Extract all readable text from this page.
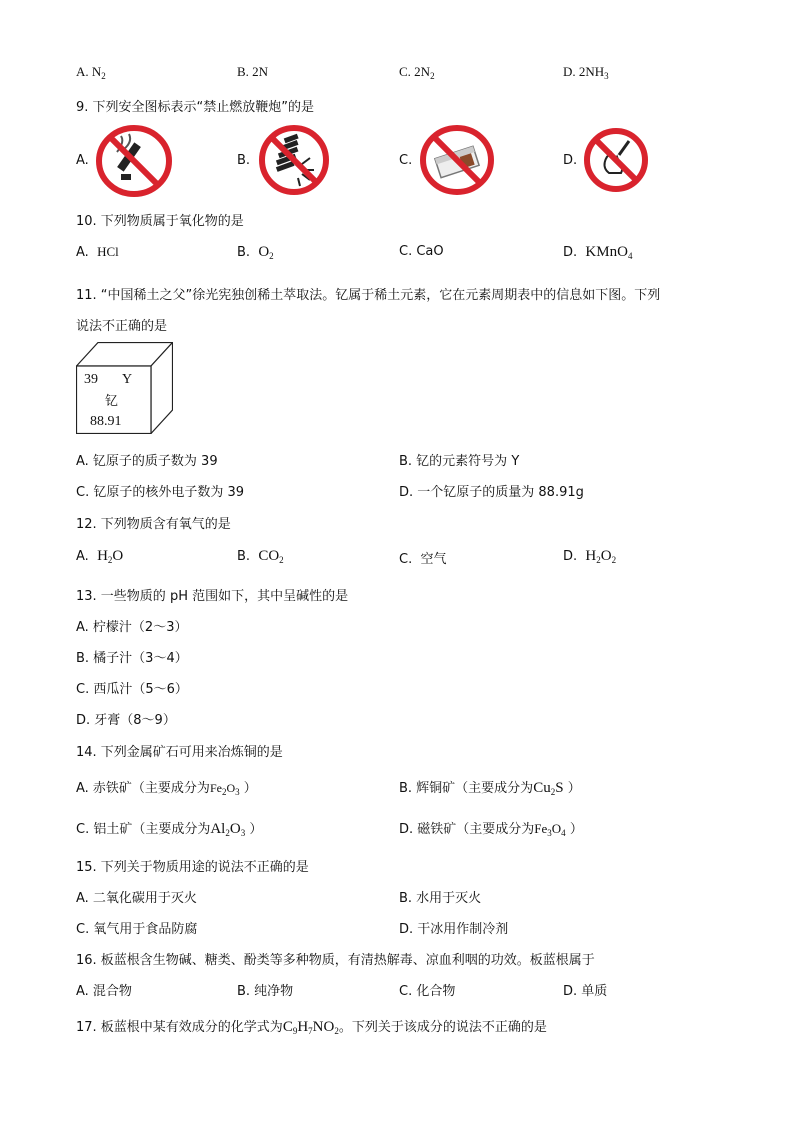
A. $N_2$	B. 2N	C. $2N_2$	D. $2NH_3$
9. 下列安全图标表示“禁止燃放鞭炮”的是
A.	B.	C.	D.
10. 下列物质属于氧化物的是
A. HCl	B. $O_2$	C. CaO	D. KMnO$_4$
11. “中国稀土之父”徐光宪独创稀土萃取法。钇属于稀土元素，它在元素周期表中的信息如下图。下列
说法不正确的是
39 Y
钇
88.91
A. 钇原子的质子数为 39	B. 钇的元素符号为 Y
C. 钇原子的核外电子数为 39	D. 一个钇原子的质量为 88.91g
12. 下列物质含有氧气的是
A. $H_2O$	B. $CO_2$	C. 空气	D. $H_2O_2$
13. 一些物质的 pH 范围如下，其中呈碱性的是
A. 柠檬汁（2～3）
B. 橘子汁（3～4）
C. 西瓜汁（5～6）
D. 牙膏（8～9）
14. 下列金属矿石可用来冶炼铜的是
A. 赤铁矿（主要成分为$Fe_2O_3$ ）	B. 辉铜矿（主要成分为$Cu_2S$ ）
C. 铝土矿（主要成分为$Al_2O_3$ ）	D. 磁铁矿（主要成分为$Fe_3O_4$ ）
15. 下列关于物质用途的说法不正确的是
A. 二氧化碳用于灭火	B. 水用于灭火
C. 氧气用于食品防腐	D. 干冰用作制冷剂
16. 板蓝根含生物碱、糖类、酚类等多种物质，有清热解毒、凉血利咽的功效。板蓝根属于
A. 混合物	B. 纯净物	C. 化合物	D. 单质
17. 板蓝根中某有效成分的化学式为$C_9H_7NO_2$。下列关于该成分的说法不正确的是
